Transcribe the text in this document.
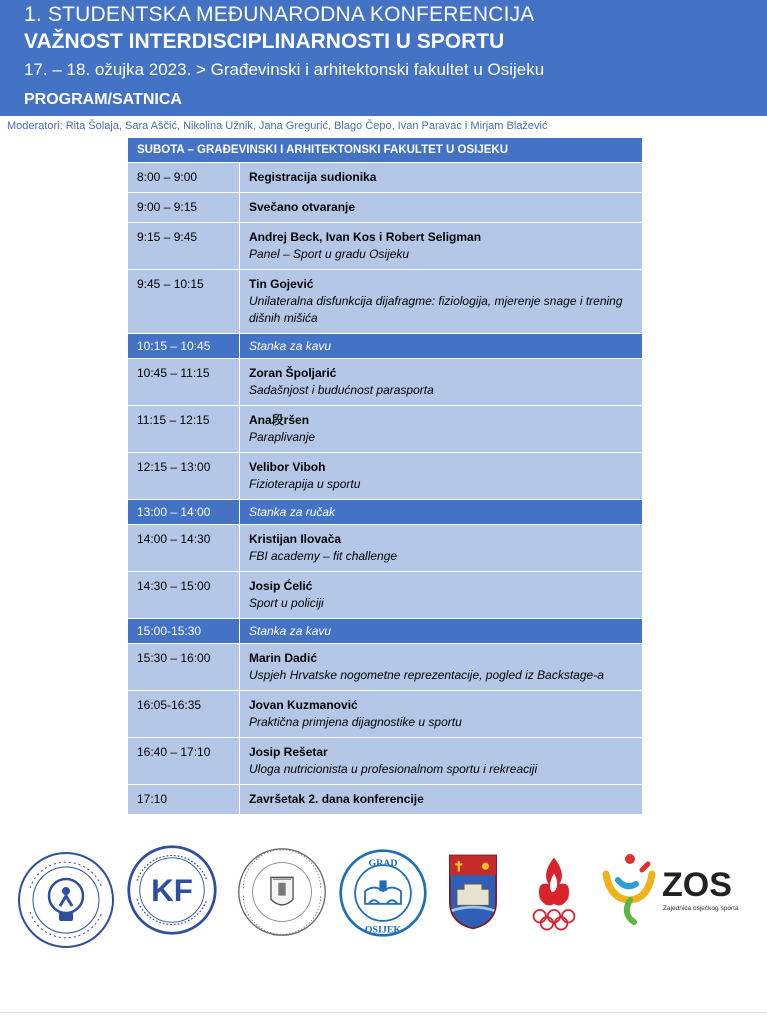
1. STUDENTSKA MEĐUNARODNA KONFERENCIJA
VAŽNOST INTERDISCIPLINARNOSTI U SPORTU
17. – 18. ožujka 2023. > Građevinski i arhitektonski fakultet u Osijeku
PROGRAM/SATNICA
Moderatori: Rita Šolaja, Sara Aščić, Nikolina Užnik, Jana Gregurić, Blago Čepo, Ivan Paravac i Mirjam Blažević
SUBOTA – GRAĐEVINSKI I ARHITEKTONSKI FAKULTET U OSIJEKU	
8:00 – 9:00	Registracija sudionika

9:00 – 9:15	Svečano otvaranje

9:15 – 9:45	Andrej Beck, Ivan Kos i Robert Seligman
Panel – Sport u gradu Osijeku

9:45 – 10:15	Tin Gojević
Unilateralna disfunkcija dijafragme: fiziologija, mjerenje snage i trening dišnih mišića

10:15 – 10:45	Stanka za kavu
10:45 – 11:15	Zoran Špoljarić
Sadašnjost i budućnost parasporta

11:15 – 12:15	Ana段ršen
Paraplivanje

12:15 – 13:00	Velibor Viboh
Fizioterapija u sportu

13:00 – 14:00	Stanka za ručak
14:00 – 14:30	Kristijan Ilovača
FBI academy – fit challenge

14:30 – 15:00	Josip Ćelić
Sport u policiji

15:00-15:30	Stanka za kavu
15:30 – 16:00	Marin Dadić
Uspjeh Hrvatske nogometne reprezentacije, pogled iz Backstage-a

16:05-16:35	Jovan Kuzmanović
Praktična primjena dijagnostike u sportu

16:40 – 17:10	Josip Rešetar
Uloga nutricionista u profesionalnom sportu i rekreaciji

17:10	Završetak 2. dana konferencije
KF
GRAD
OSIJEK
ZOS
Zajednica osječkog sporta
